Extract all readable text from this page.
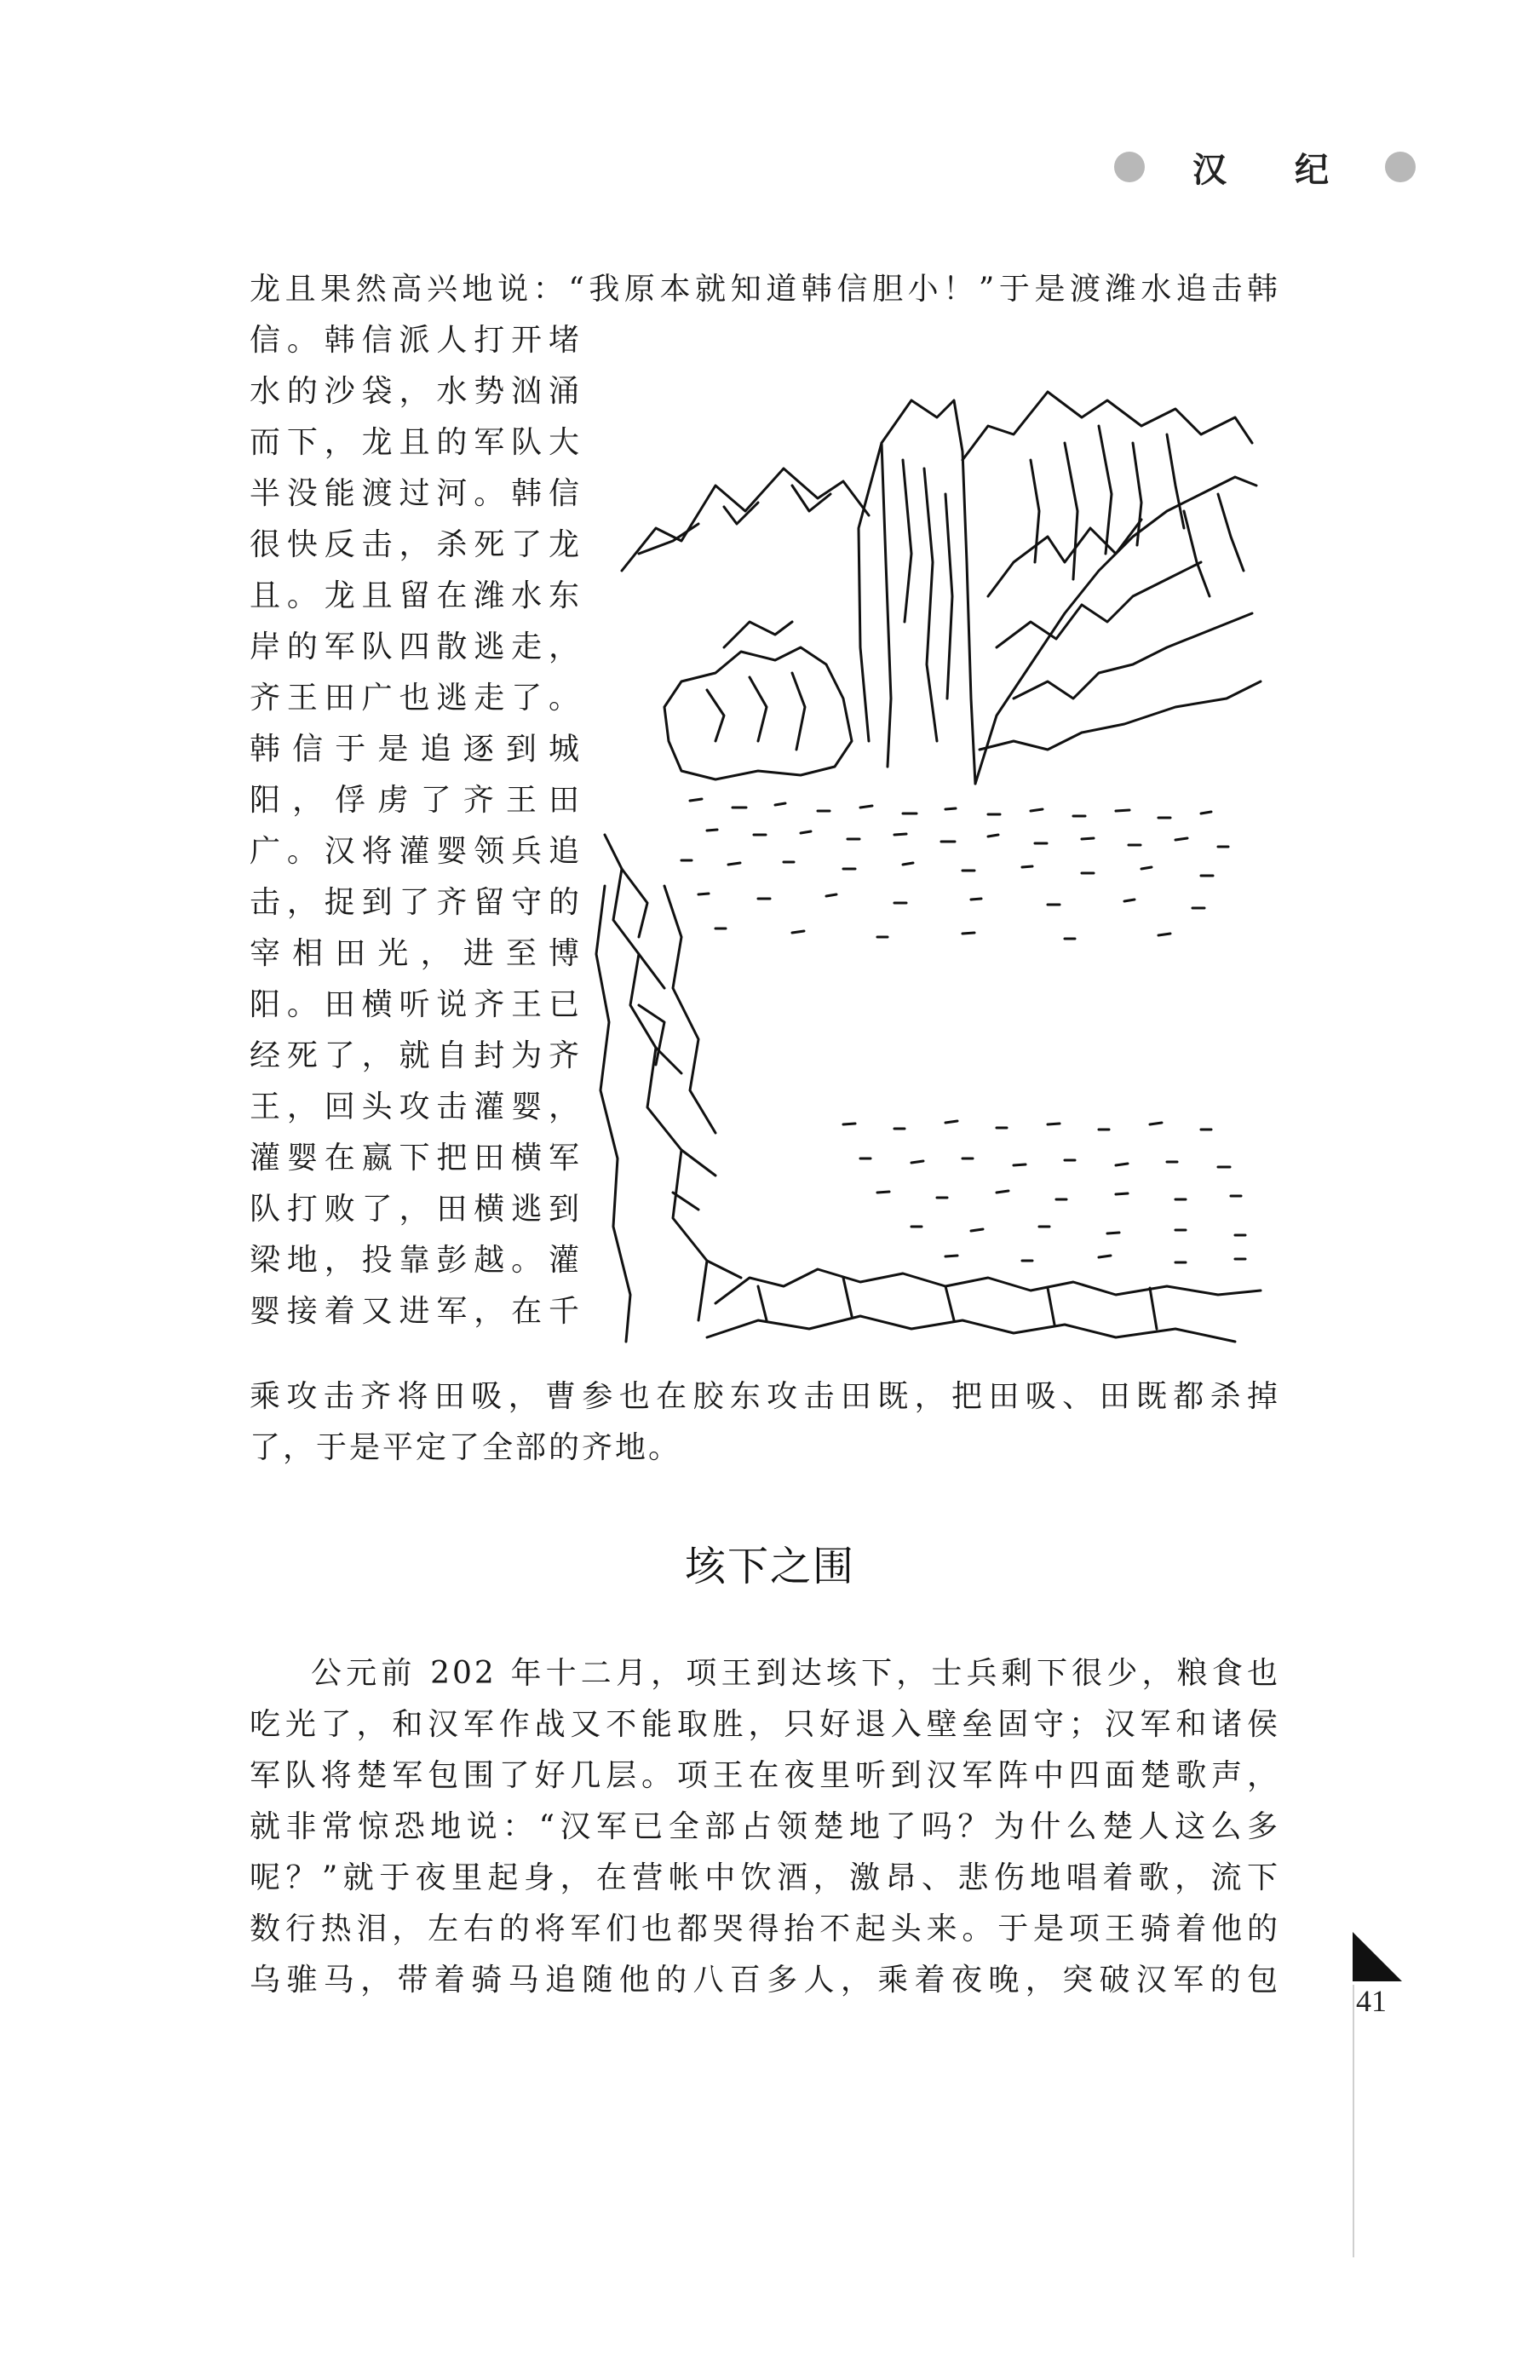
汉 纪
龙且果然高兴地说：“我原本就知道韩信胆小！”于是渡潍水追击韩
信。韩信派人打开堵
水的沙袋，水势汹涌
而下，龙且的军队大
半没能渡过河。韩信
很快反击，杀死了龙
且。龙且留在潍水东
岸的军队四散逃走，
齐王田广也逃走了。
韩信于是追逐到城
阳，俘虏了齐王田
广。汉将灌婴领兵追
击，捉到了齐留守的
宰相田光，进至博
阳。田横听说齐王已
经死了，就自封为齐
王，回头攻击灌婴，
灌婴在嬴下把田横军
队打败了，田横逃到
梁地，投靠彭越。灌
婴接着又进军，在千
乘攻击齐将田吸，曹参也在胶东攻击田既，把田吸、田既都杀掉
了，于是平定了全部的齐地。
垓下之围
公元前 202 年十二月，项王到达垓下，士兵剩下很少，粮食也
吃光了，和汉军作战又不能取胜，只好退入壁垒固守；汉军和诸侯
军队将楚军包围了好几层。项王在夜里听到汉军阵中四面楚歌声，
就非常惊恐地说：“汉军已全部占领楚地了吗？为什么楚人这么多
呢？”就于夜里起身，在营帐中饮酒，激昂、悲伤地唱着歌，流下
数行热泪，左右的将军们也都哭得抬不起头来。于是项王骑着他的
乌骓马，带着骑马追随他的八百多人，乘着夜晚，突破汉军的包
41
